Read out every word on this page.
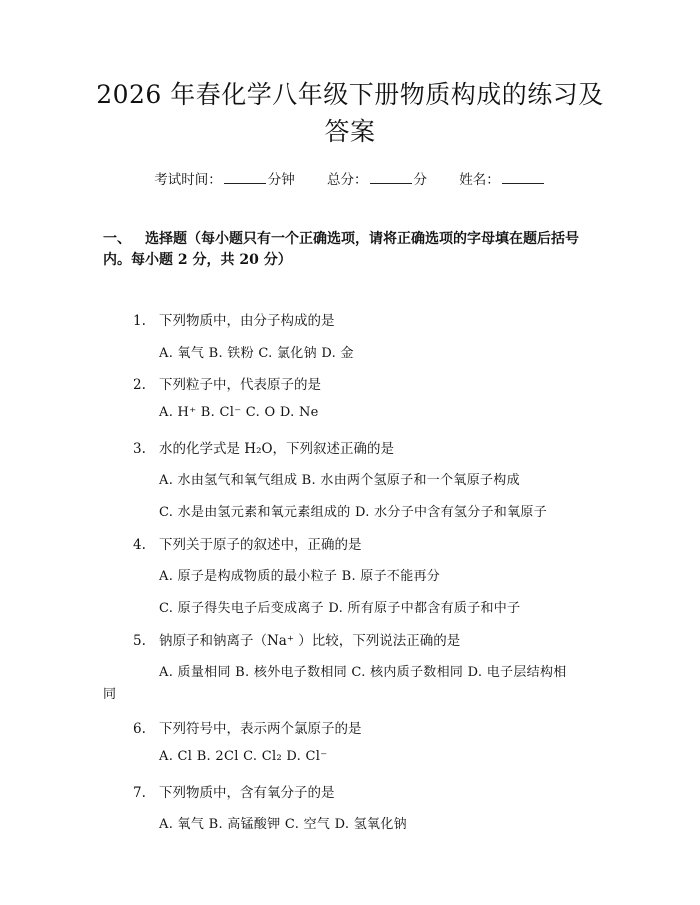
2026 年春化学八年级下册物质构成的练习及
答案
考试时间：	分钟 总分：	分 姓名：
一、 选择题（每小题只有一个正确选项，请将正确选项的字母填在题后括号内。每小题 2 分，共 20 分）
1. 下列物质中，由分子构成的是
A. 氧气 B. 铁粉 C. 氯化钠 D. 金
2. 下列粒子中，代表原子的是
A. H⁺ B. Cl⁻ C. O D. Ne
3. 水的化学式是 H₂O，下列叙述正确的是
A. 水由氢气和氧气组成 B. 水由两个氢原子和一个氧原子构成
C. 水是由氢元素和氧元素组成的 D. 水分子中含有氢分子和氧原子
4. 下列关于原子的叙述中，正确的是
A. 原子是构成物质的最小粒子 B. 原子不能再分
C. 原子得失电子后变成离子 D. 所有原子中都含有质子和中子
5. 钠原子和钠离子（Na⁺ ）比较，下列说法正确的是
A. 质量相同 B. 核外电子数相同 C. 核内质子数相同 D. 电子层结构相
同
6. 下列符号中，表示两个氯原子的是
A. Cl B. 2Cl C. Cl₂ D. Cl⁻
7. 下列物质中，含有氧分子的是
A. 氧气 B. 高锰酸钾 C. 空气 D. 氢氧化钠
